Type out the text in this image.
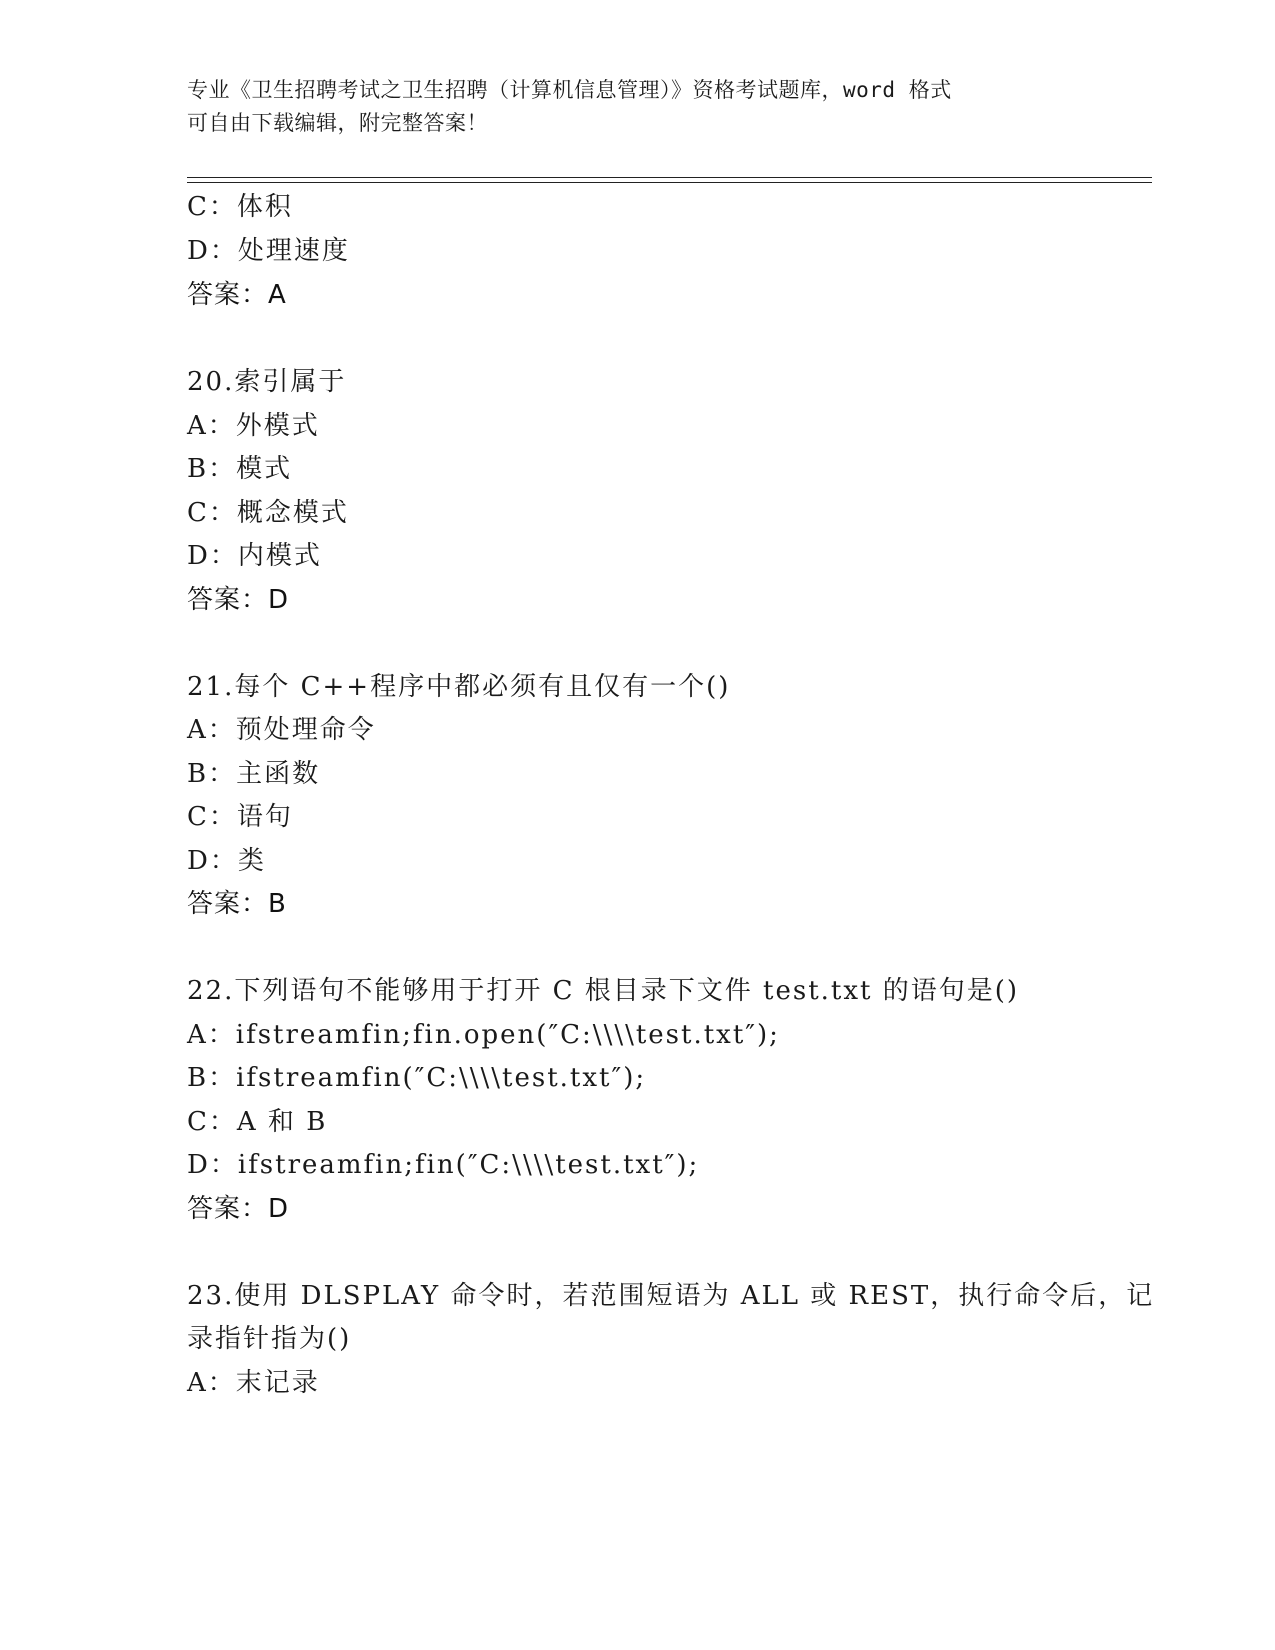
专业《卫生招聘考试之卫生招聘（计算机信息管理）》资格考试题库，word 格式
可自由下载编辑，附完整答案！
C：体积
D：处理速度
答案：A
20.索引属于
A：外模式
B：模式
C：概念模式
D：内模式
答案：D
21.每个 C++程序中都必须有且仅有一个()
A：预处理命令
B：主函数
C：语句
D：类
答案：B
22.下列语句不能够用于打开 C 根目录下文件 test.txt 的语句是()
A：ifstreamfin;fin.open(″C:\\\\test.txt″);
B：ifstreamfin(″C:\\\\test.txt″);
C：A 和 B
D：ifstreamfin;fin(″C:\\\\test.txt″);
答案：D
23.使用 DLSPLAY 命令时，若范围短语为 ALL 或 REST，执行命令后，记
录指针指为()
A：末记录
